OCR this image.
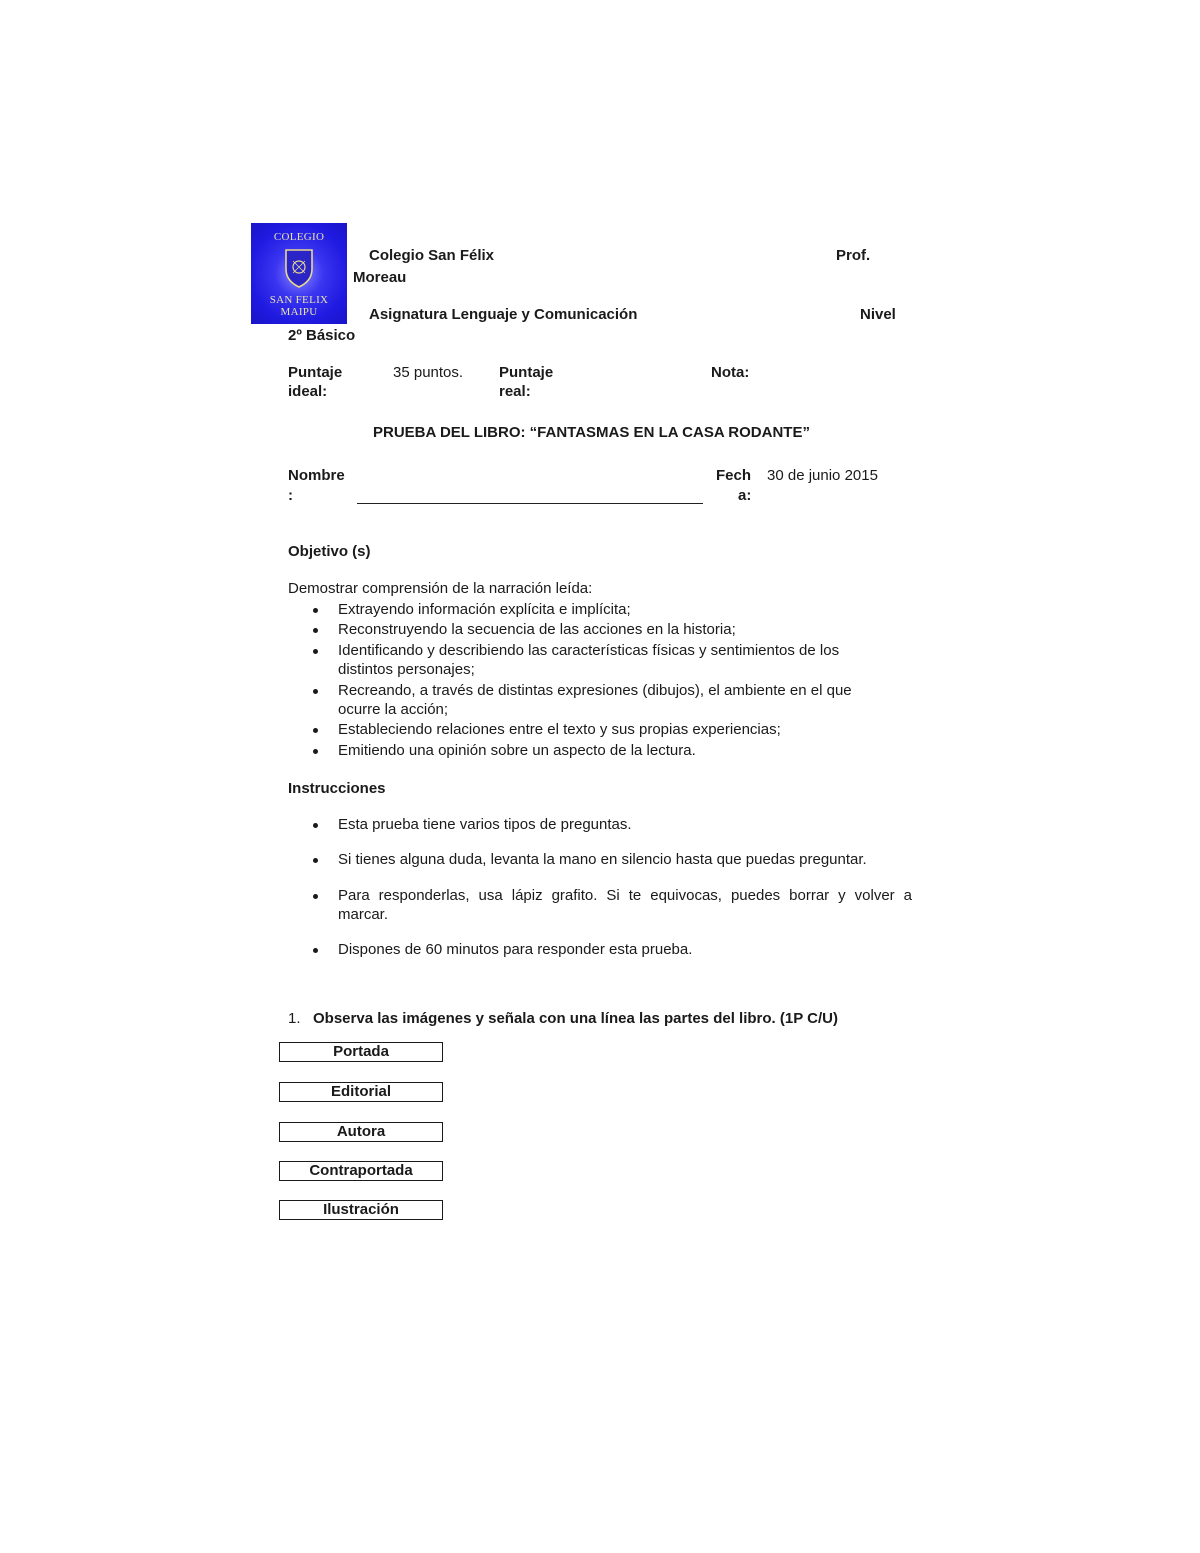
COLEGIO
SAN FELIX
MAIPU
Colegio San Félix	Prof.
Moreau
Asignatura Lenguaje y Comunicación	Nivel
2º Básico
Puntaje
ideal:
35 puntos. Puntaje
real:
Nota:
PRUEBA DEL LIBRO: “FANTASMAS EN LA CASA RODANTE”
Nombre
:
Fech
a:
30 de junio 2015
Objetivo (s)
Demostrar comprensión de la narración leída:
Extrayendo información explícita e implícita;
Reconstruyendo la secuencia de las acciones en la historia;
Identificando y describiendo las características físicas y sentimientos de los
distintos personajes;
Recreando, a través de distintas expresiones (dibujos), el ambiente en el que
ocurre la acción;
Estableciendo relaciones entre el texto y sus propias experiencias;
Emitiendo una opinión sobre un aspecto de la lectura.
Instrucciones
Esta prueba tiene varios tipos de preguntas.
Si tienes alguna duda, levanta la mano en silencio hasta que puedas preguntar.
Para responderlas, usa lápiz grafito. Si te equivocas, puedes borrar y volver a
marcar.
Dispones de 60 minutos para responder esta prueba.
1. Observa las imágenes y señala con una línea las partes del libro. (1P C/U)
Portada
Editorial
Autora
Contraportada
Ilustración
